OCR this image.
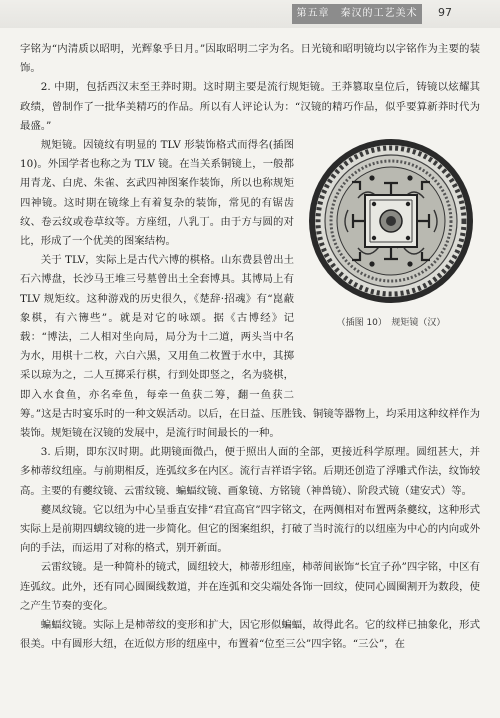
第五章　秦汉的工艺美术	97

字铭为“内清质以昭明，光辉象乎日月。”因取昭明二字为名。日光镜和昭明镜均以字铭作为主要的装饰。

2. 中期，包括西汉末至王莽时期。这时期主要是流行规矩镜。王莽篡取皇位后，铸镜以炫耀其政绩，曾制作了一批华美精巧的作品。所以有人评论认为：“汉镜的精巧作品，似乎要算新莽时代为最盛。”

（插图 10）　规矩镜（汉）

规矩镜。因镜纹有明显的 TLV 形装饰格式而得名(插图 10)。外国学者也称之为 TLV 镜。在当关系铜镜上，一般都用青龙、白虎、朱雀、玄武四神图案作装饰，所以也称规矩四神镜。这时期在镜缘上有着复杂的装饰，常见的有锯齿纹、卷云纹或卷草纹等。方座纽，八乳丁。由于方与圆的对比，形成了一个优美的图案结构。

关于 TLV，实际上是古代六博的棋格。山东费县曾出土石六博盘，长沙马王堆三号墓曾出土全套博具。其博局上有 TLV 规矩纹。这种游戏的历史很久，《楚辞·招魂》有“崑蔽象棋，有六簙些”。就是对它的咏颂。据《古博经》记载：“博法，二人相对坐向局，局分为十二道，两头当中名为水，用棋十二枚，六白六黑，又用鱼二枚置于水中，其掷采以琼为之，二人互掷采行棋，行到处即竖之，名为骁棋，即入水食鱼，亦名牵鱼，每牵一鱼获二筹，翻一鱼获二筹。”这是古时宴乐时的一种文娱活动。以后，在日益、压胜钱、铜镜等器物上，均采用这种纹样作为装饰。规矩镜在汉镜的发展中，是流行时间最长的一种。

3. 后期，即东汉时期。此期镜面微凸，便于照出人面的全部，更接近科学原理。圆纽甚大，并多柿蒂纹纽座。与前期相反，连弧纹多在内区。流行吉祥语字铭。后期还创造了浮雕式作法，纹饰较高。主要的有夔纹镜、云雷纹镜、蝙蝠纹镜、画象镜、方铭镜（神兽镜）、阶段式镜（建安式）等。

夔凤纹镜。它以纽为中心呈垂直安排“君宜高官”四字铭文，在两侧相对布置两条夔纹，这种形式实际上是前期四螭纹镜的进一步简化。但它的图案组织，打破了当时流行的以纽座为中心的内向或外向的手法，而运用了对称的格式，别开新面。

云雷纹镜。是一种简朴的镜式，圆纽较大，柿蒂形纽座，柿蒂间嵌饰“长宜子孙”四字铭，中区有连弧纹。此外，还有同心圆圈线数道，并在连弧和交尖端处各饰一回纹，使同心圆圈割开为数段，使之产生节奏的变化。

蝙蝠纹镜。实际上是柿蒂纹的变形和扩大，因它形似蝙蝠，故得此名。它的纹样已抽象化，形式很美。中有圆形大纽，在近似方形的纽座中，布置着“位至三公”四字铭。“三公”，在
